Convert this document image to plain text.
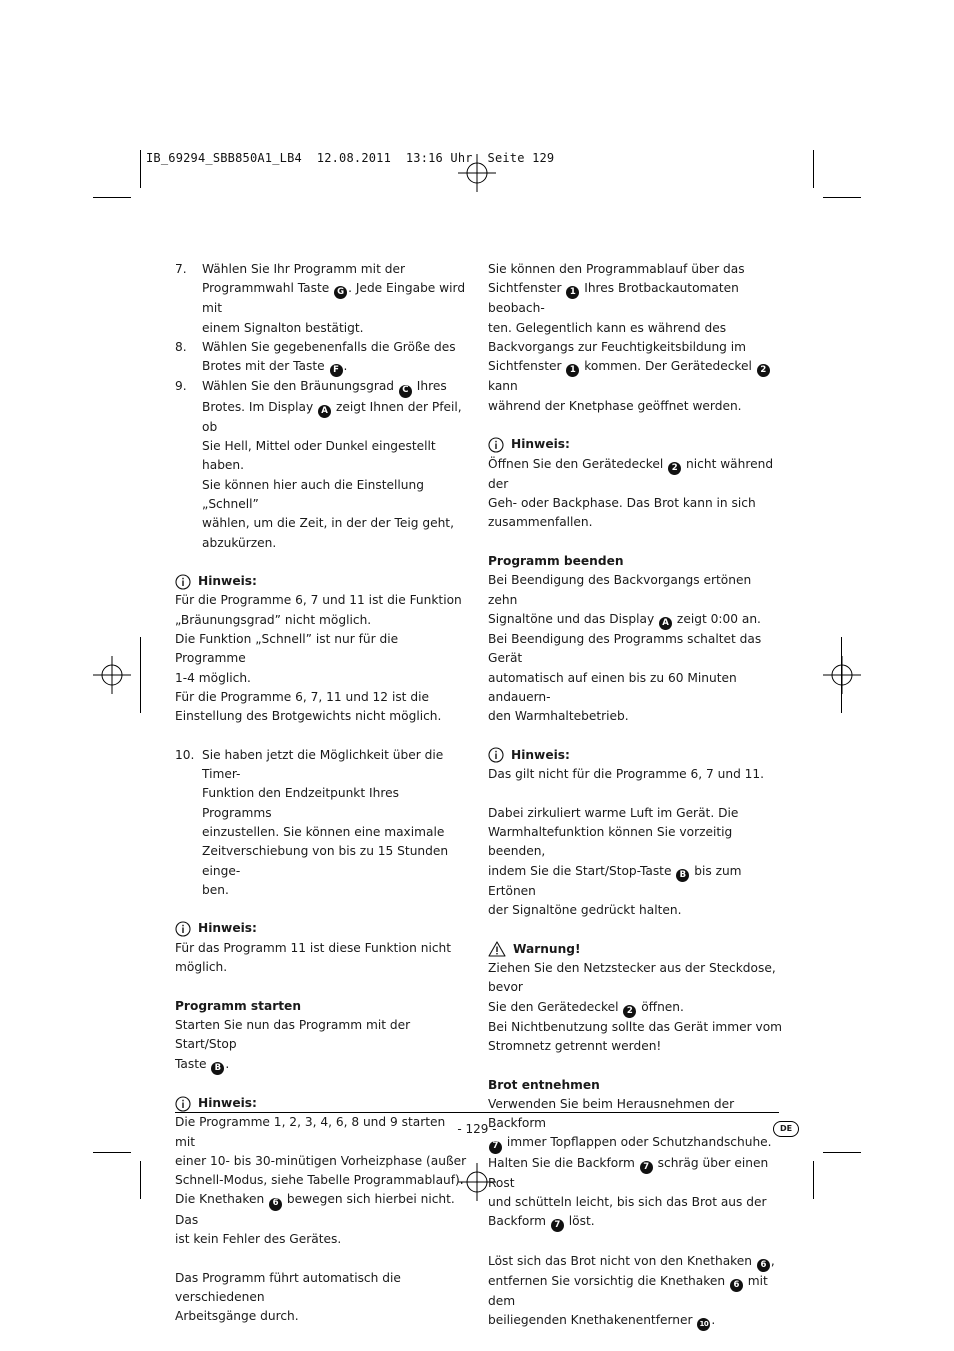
IB_69294_SBB850A1_LB4  12.08.2011  13:16 Uhr  Seite 129
7.	Wählen Sie Ihr Programm mit der

Programmwahl Taste G . Jede Eingabe wird mit

einem Signalton bestätigt.

8.	Wählen Sie gegebenenfalls die Größe des

Brotes mit der Taste F .

9.	Wählen Sie den Bräunungsgrad C Ihres

Brotes. Im Display A zeigt Ihnen der Pfeil, ob

Sie Hell, Mittel oder Dunkel eingestellt haben.

Sie können hier auch die Einstellung „Schnell”

wählen, um die Zeit, in der der Teig geht,

abzukürzen.

Hinweis:

Für die Programme 6, 7 und 11 ist die Funktion

„Bräunungsgrad” nicht möglich.

Die Funktion „Schnell” ist nur für die Programme

1-4 möglich.

Für die Programme 6, 7, 11 und 12 ist die

Einstellung des Brotgewichts nicht möglich.

10. Sie haben jetzt die Möglichkeit über die Timer-

Funktion den Endzeitpunkt Ihres Programms

einzustellen. Sie können eine maximale

Zeitverschiebung von bis zu 15 Stunden einge-

ben.

Hinweis:

Für das Programm 11 ist diese Funktion nicht möglich.

Programm starten

Starten Sie nun das Programm mit der Start/Stop

Taste B .

Hinweis:

Die Programme 1, 2, 3, 4, 6, 8 und 9 starten mit

einer 10- bis 30-minütigen Vorheizphase (außer

Schnell-Modus, siehe Tabelle Programmablauf).

Die Knethaken 6 bewegen sich hierbei nicht. Das

ist kein Fehler des Gerätes.

Das Programm führt automatisch die verschiedenen

Arbeitsgänge durch.

Sie können den Programmablauf über das

Sichtfenster 1 Ihres Brotbackautomaten beobach-

ten. Gelegentlich kann es während des

Backvorgangs zur Feuchtigkeitsbildung im

Sichtfenster 1 kommen. Der Gerätedeckel 2 kann

während der Knetphase geöffnet werden.

Hinweis:

Öffnen Sie den Gerätedeckel 2 nicht während der

Geh- oder Backphase. Das Brot kann in sich

zusammenfallen.

Programm beenden

Bei Beendigung des Backvorgangs ertönen zehn

Signaltöne und das Display A zeigt 0:00 an.

Bei Beendigung des Programms schaltet das Gerät

automatisch auf einen bis zu 60 Minuten andauern-

den Warmhaltebetrieb.

Hinweis:

Das gilt nicht für die Programme 6, 7 und 11.

Dabei zirkuliert warme Luft im Gerät. Die

Warmhaltefunktion können Sie vorzeitig beenden,

indem Sie die Start/Stop-Taste B bis zum Ertönen

der Signaltöne gedrückt halten.

Warnung!

Ziehen Sie den Netzstecker aus der Steckdose, bevor

Sie den Gerätedeckel 2 öffnen.

Bei Nichtbenutzung sollte das Gerät immer vom

Stromnetz getrennt werden!

Brot entnehmen

Verwenden Sie beim Herausnehmen der Backform

7 immer Topflappen oder Schutzhandschuhe.

Halten Sie die Backform 7 schräg über einen Rost

und schütteln leicht, bis sich das Brot aus der

Backform 7 löst.

Löst sich das Brot nicht von den Knethaken 6 ,

entfernen Sie vorsichtig die Knethaken 6 mit dem

beiliegenden Knethakenentferner 10 .

- 129 -	DE
